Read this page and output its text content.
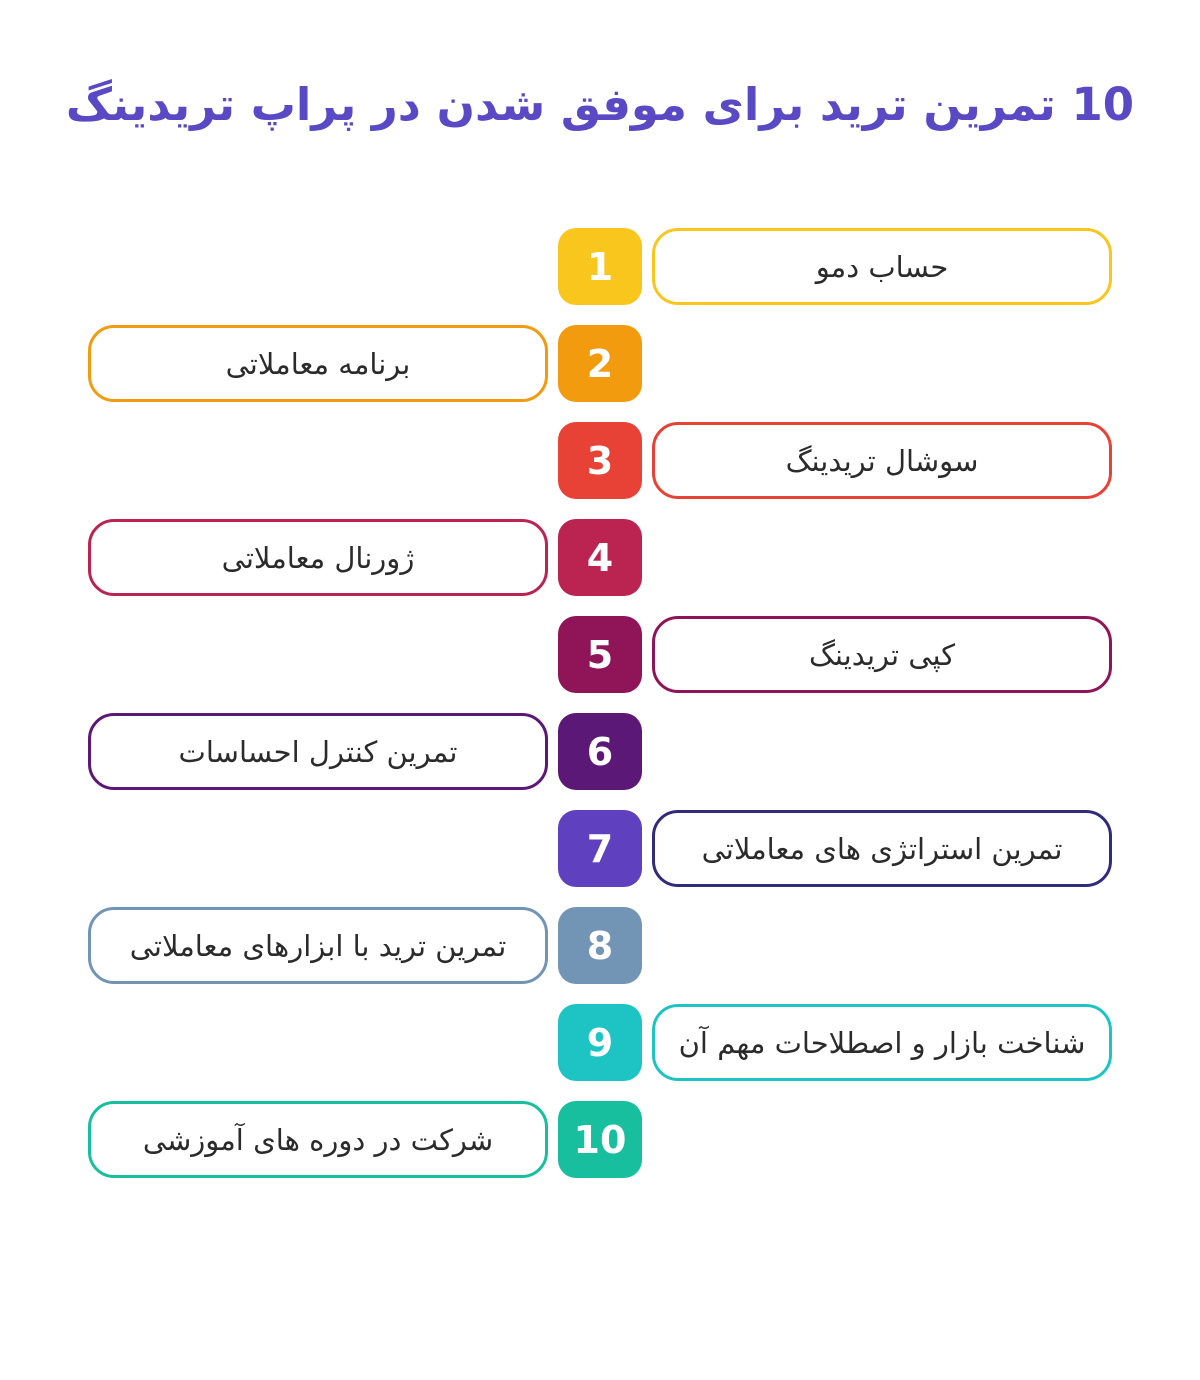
10 تمرین ترید برای موفق شدن در پراپ تریدینگ
1	حساب دمو
برنامه معاملاتی	2
3	سوشال تریدینگ
ژورنال معاملاتی	4
5	کپی تریدینگ
تمرین کنترل احساسات	6
7	تمرین استراتژی های معاملاتی
تمرین ترید با ابزارهای معاملاتی	8
9	شناخت بازار و اصطلاحات مهم آن
شرکت در دوره های آموزشی	10
